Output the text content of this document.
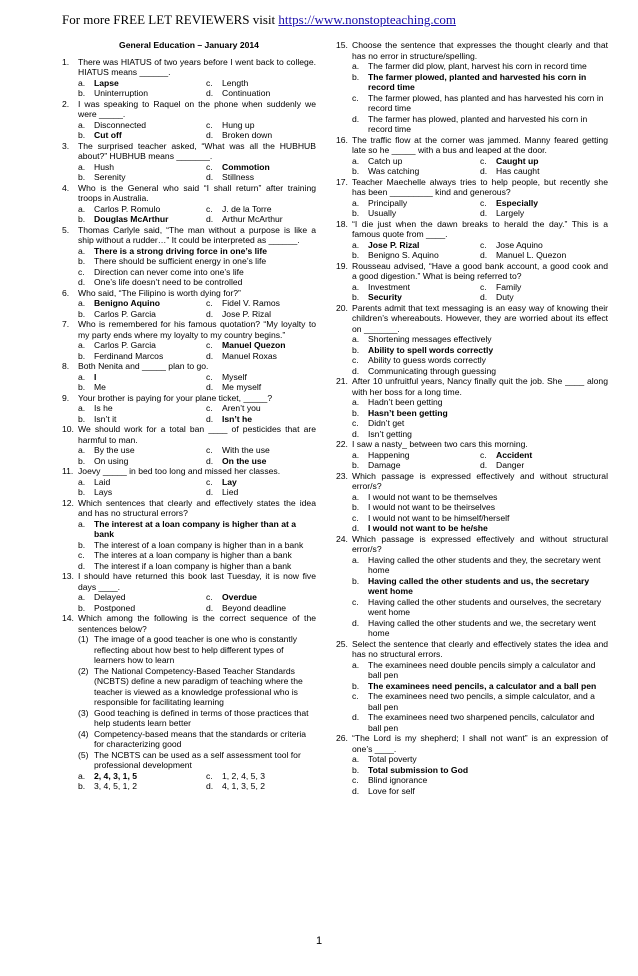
For more FREE LET REVIEWERS visit https://www.nonstopteaching.com
General Education – January 2014
1. There was HIATUS of two years before I went back to college. HIATUS means ______.
a. Lapse	c. Length
b. Uninterruption	d. Continuation
2. I was speaking to Raquel on the phone when suddenly we were _____.
a. Disconnected	c. Hung up
b. Cut off	d. Broken down
3. The surprised teacher asked, “What was all the HUBHUB about?” HUBHUB means _______.
a. Hush	c. Commotion
b. Serenity	d. Stillness
4. Who is the General who said “I shall return” after training troops in Australia.
a. Carlos P. Romulo	c. J. de la Torre
b. Douglas McArthur	d. Arthur McArthur
5. Thomas Carlyle said, “The man without a purpose is like a ship without a rudder…” It could be interpreted as ______.
a. There is a strong driving force in one’s life
b. There should be sufficient energy in one’s life
c. Direction can never come into one’s life
d. One’s life doesn’t need to be controlled
6. Who said, “The Filipino is worth dying for?”
a. Benigno Aquino	c. Fidel V. Ramos
b. Carlos P. Garcia	d. Jose P. Rizal
7. Who is remembered for his famous quotation? “My loyalty to my party ends where my loyalty to my country begins.”
a. Carlos P. Garcia	c. Manuel Quezon
b. Ferdinand Marcos	d. Manuel Roxas
8. Both Nenita and _____ plan to go.
a. I	c. Myself
b. Me	d. Me myself
9. Your brother is paying for your plane ticket, _____?
a. Is he	c. Aren’t you
b. Isn’t it	d. Isn’t he
10. We should work for a total ban ____ of pesticides that are harmful to man.
a. By the use	c. With the use
b. On using	d. On the use
11. Joevy _____ in bed too long and missed her classes.
a. Laid	c. Lay
b. Lays	d. Lied
12. Which sentences that clearly and effectively states the idea and has no structural errors?
a. The interest at a loan company is higher than at a bank
b. The interest of a loan company is higher than in a bank
c. The interes at a loan company is higher than a bank
d. The interest if a loan company is higher than a bank
13. I should have returned this book last Tuesday, it is now five days ____.
a. Delayed	c. Overdue
b. Postponed	d. Beyond deadline
14. Which among the following is the correct sequence of the sentences below?
(1) The image of a good teacher is one who is constantly reflecting about how best to help different types of learners how to learn
(2) The National Competency-Based Teacher Standards (NCBTS) define a new paradigm of teaching where the teacher is viewed as a knowledge professional who is responsible for facilitating learning
(3) Good teaching is defined in terms of those practices that help students learn better
(4) Competency-based means that the standards or criteria for characterizing good
(5) The NCBTS can be used as a self assessment tool for professional development
a. 2, 4, 3, 1, 5	c. 1, 2, 4, 5, 3
b. 3, 4, 5, 1, 2	d. 4, 1, 3, 5, 2
15. Choose the sentence that expresses the thought clearly and that has no error in structure/spelling.
a. The farmer did plow, plant, harvest his corn in record time
b. The farmer plowed, planted and harvested his corn in record time
c. The farmer plowed, has planted and has harvested his corn in record time
d. The farmer has plowed, planted and harvested his corn in record time
16. The traffic flow at the corner was jammed. Manny feared getting late so he _____ with a bus and leaped at the door.
a. Catch up	c. Caught up
b. Was catching	d. Has caught
17. Teacher Maechelle always tries to help people, but recently she has been _________ kind and generous?
a. Principally	c. Especially
b. Usually	d. Largely
18. “I die just when the dawn breaks to herald the day.” This is a famous quote from ____.
a. Jose P. Rizal	c. Jose Aquino
b. Benigno S. Aquino	d. Manuel L. Quezon
19. Rousseau advised, “Have a good bank account, a good cook and a good digestion.” What is being referred to?
a. Investment	c. Family
b. Security	d. Duty
20. Parents admit that text messaging is an easy way of knowing their children’s whereabouts. However, they are worried about its effect on _______.
a. Shortening messages effectively
b. Ability to spell words correctly
c. Ability to guess words correctly
d. Communicating through guessing
21. After 10 unfruitful years, Nancy finally quit the job. She ____ along with her boss for a long time.
a. Hadn’t been getting
b. Hasn’t been getting
c. Didn’t get
d. Isn’t getting
22. I saw a nasty_ between two cars this morning.
a. Happening	c. Accident
b. Damage	d. Danger
23. Which passage is expressed effectively and without structural error/s?
a. I would not want to be themselves
b. I would not want to be theirselves
c. I would not want to be himself/herself
d. I would not want to be he/she
24. Which passage is expressed effectively and without structural error/s?
a. Having called the other students and they, the secretary went home
b. Having called the other students and us, the secretary went home
c. Having called the other students and ourselves, the secretary went home
d. Having called the other students and we, the secretary went home
25. Select the sentence that clearly and effectively states the idea and has no structural errors.
a. The examinees need double pencils simply a calculator and ball pen
b. The examinees need pencils, a calculator and a ball pen
c. The examinees need two pencils, a simple calculator, and a ball pen
d. The examinees need two sharpened pencils, calculator and ball pen
26. “The Lord is my shepherd; I shall not want” is an expression of one’s ____.
a. Total poverty
b. Total submission to God
c. Blind ignorance
d. Love for self
1
